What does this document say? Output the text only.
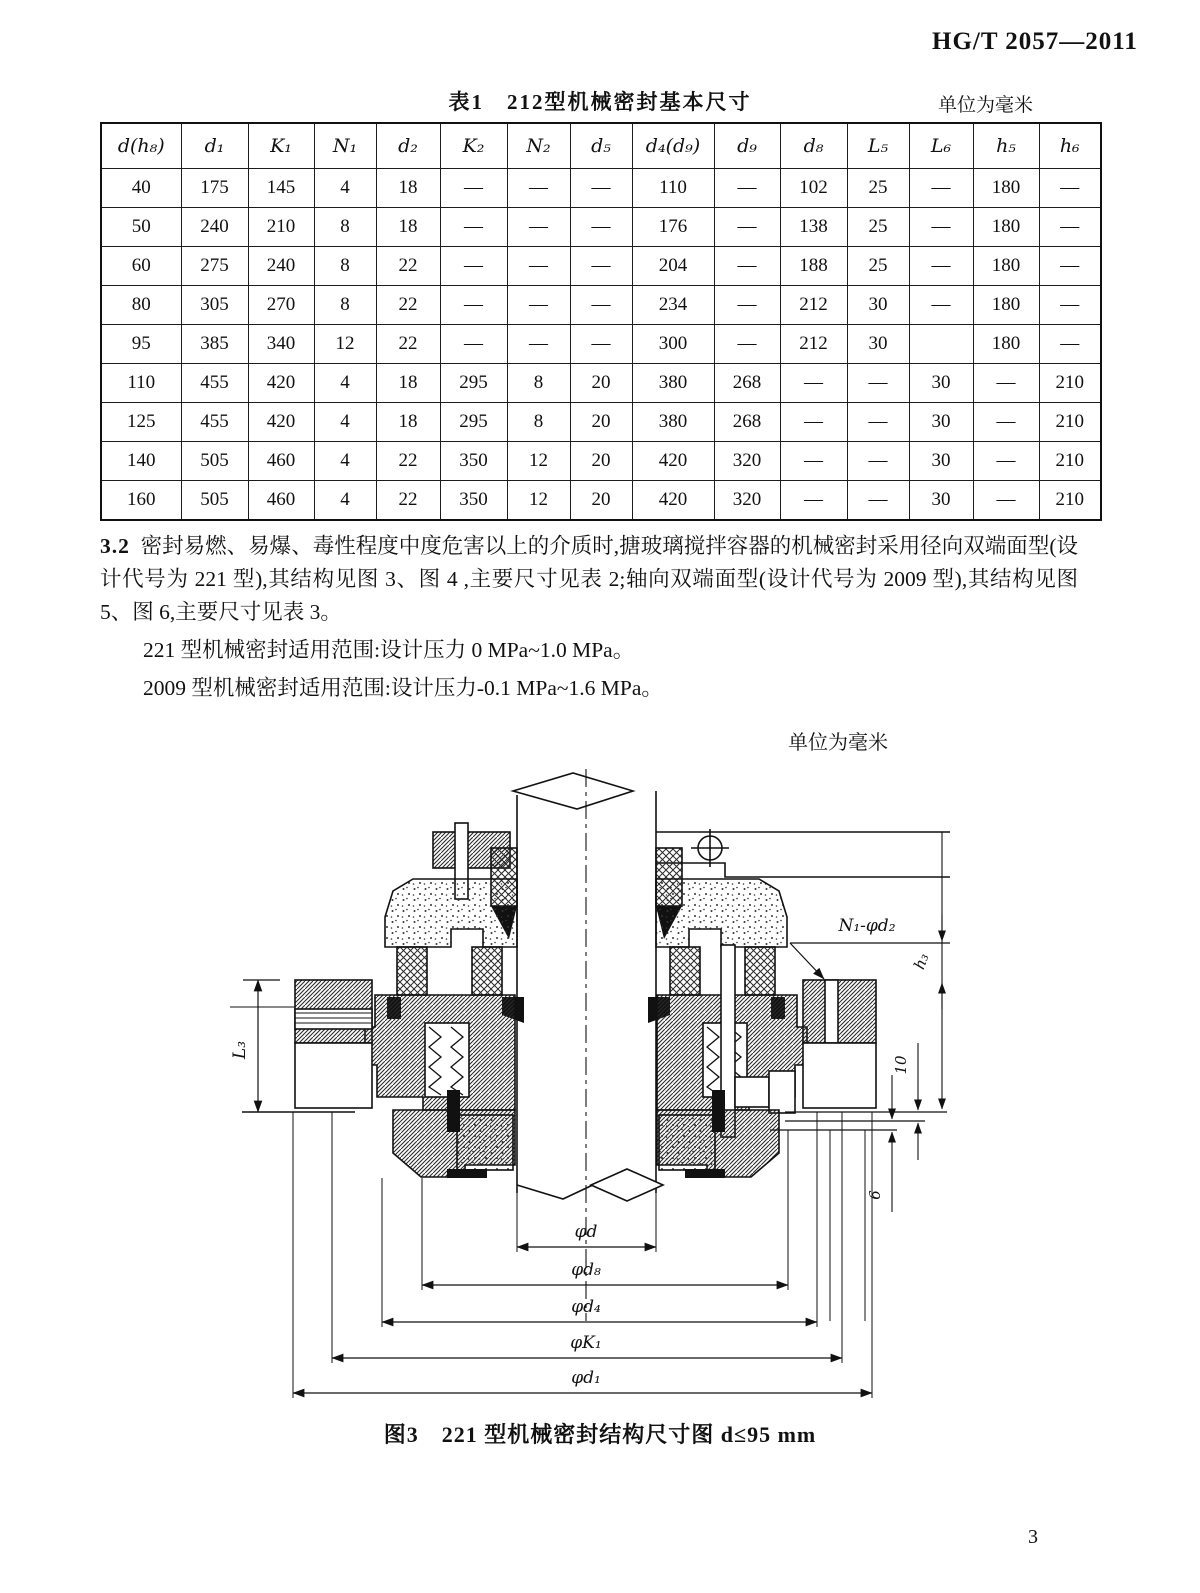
HG/T 2057—2011
表1　212型机械密封基本尺寸	单位为毫米
d(h₈)	d₁	K₁	N₁	d₂	K₂	N₂	d₅	d₄(d₉)	d₉	d₈	L₅	L₆	h₅	h₆
40	175	145	4	18	—	—	—	110	—	102	25	—	180	—
50	240	210	8	18	—	—	—	176	—	138	25	—	180	—
60	275	240	8	22	—	—	—	204	—	188	25	—	180	—
80	305	270	8	22	—	—	—	234	—	212	30	—	180	—
95	385	340	12	22	—	—	—	300	—	212	30		180	—
110	455	420	4	18	295	8	20	380	268	—	—	30	—	210
125	455	420	4	18	295	8	20	380	268	—	—	30	—	210
140	505	460	4	22	350	12	20	420	320	—	—	30	—	210
160	505	460	4	22	350	12	20	420	320	—	—	30	—	210
3.2 密封易燃、易爆、毒性程度中度危害以上的介质时,搪玻璃搅拌容器的机械密封采用径向双端面型(设计代号为 221 型),其结构见图 3、图 4 ,主要尺寸见表 2;轴向双端面型(设计代号为 2009 型),其结构见图 5、图 6,主要尺寸见表 3。
221 型机械密封适用范围:设计压力 0 MPa~1.0 MPa。
2009 型机械密封适用范围:设计压力-0.1 MPa~1.6 MPa。
单位为毫米
φd
φd₈
φd₄
φK₁
φd₁
L₃
N₁-φd₂
h₃
10
6
图3　221 型机械密封结构尺寸图 d≤95 mm
3
